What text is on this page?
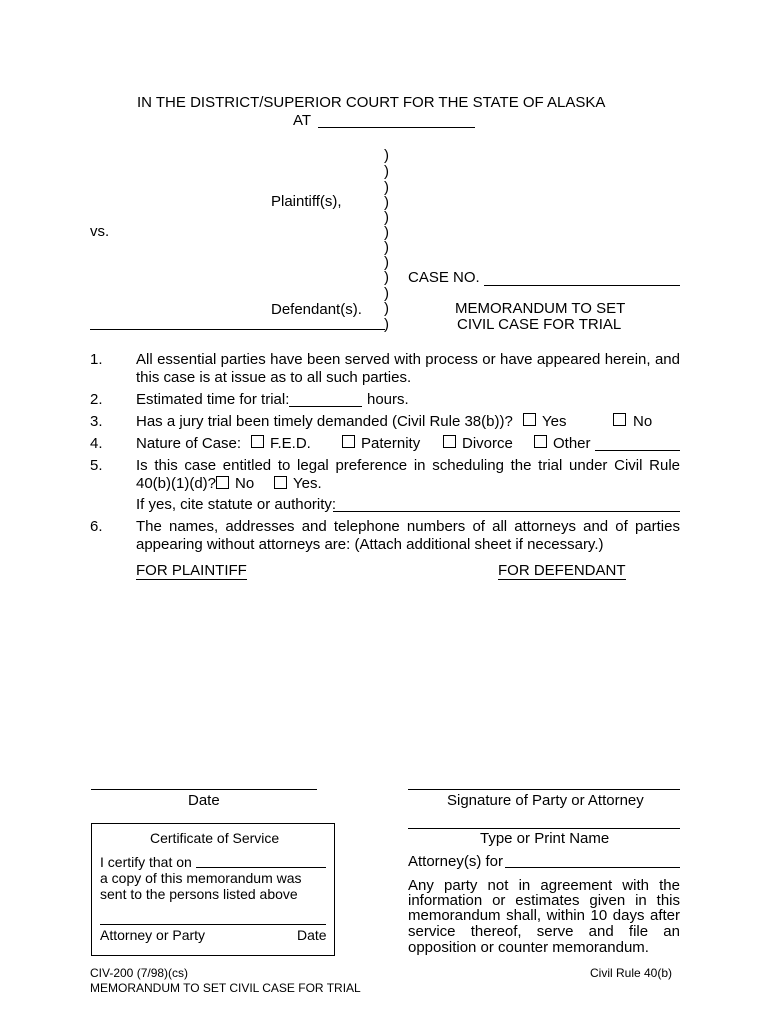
IN THE DISTRICT/SUPERIOR COURT FOR THE STATE OF ALASKA
AT
)
)
)
)
)
)
)
)
)
)
)
)
Plaintiff(s),
vs.
Defendant(s).
CASE NO.
MEMORANDUM TO SET
CIVIL CASE FOR TRIAL
1. All essential parties have been served with process or have appeared herein, and
this case is at issue as to all such parties.
2. Estimated time for trial:	hours.
3. Has a jury trial been timely demanded (Civil Rule 38(b))? Yes	No
4. Nature of Case: F.E.D.	Paternity	Divorce	Other
5. Is this case entitled to legal preference in scheduling the trial under Civil Rule
40(b)(1)(d)? No	Yes.
If yes, cite statute or authority:
6. The names, addresses and telephone numbers of all attorneys and of parties
appearing without attorneys are: (Attach additional sheet if necessary.)
FOR PLAINTIFF	FOR DEFENDANT
Date	Signature of Party or Attorney
Type or Print Name
Attorney(s) for
Any party not in agreement with the
information or estimates given in this
memorandum shall, within 10 days after
service thereof, serve and file an
opposition or counter memorandum.
Certificate of Service
I certify that on
a copy of this memorandum was
sent to the persons listed above
Attorney or Party	Date
CIV-200 (7/98)(cs)
MEMORANDUM TO SET CIVIL CASE FOR TRIAL
Civil Rule 40(b)
